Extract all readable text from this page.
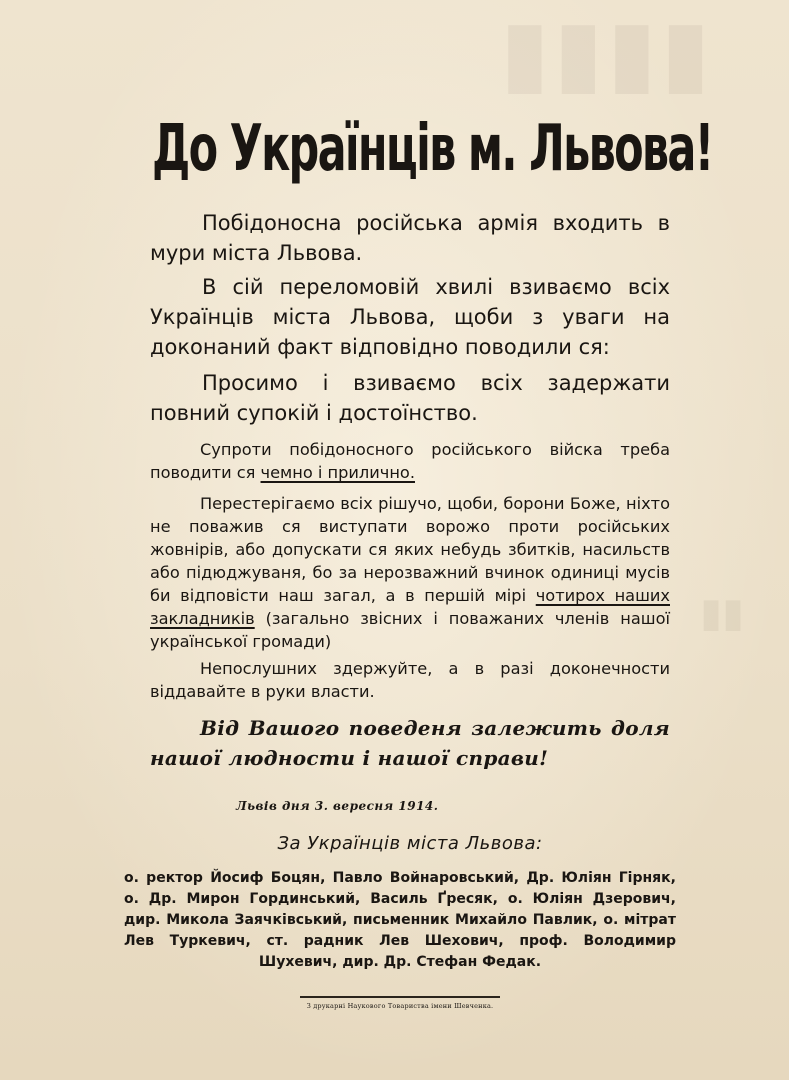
▮▮▮▮
▮▮
До Українців м. Львова!

Побідоносна російська армія входить в мури міста Львова.

В сій переломовій хвилі взиваємо всіх Українців міста Львова, щоби з уваги на доконаний факт відповідно поводили ся:

Просимо і взиваємо всіх задержати повний супокій і достоїнство.

Супроти побідоносного російського війска треба поводити ся чемно і прилично.

Перестерігаємо всіх рішучо, щоби, борони Боже, ніхто не поважив ся виступати ворожо проти російських жовнірів, або допускати ся яких небудь збитків, насильств або підюджуваня, бо за нерозважний вчинок одиниці мусів би відповісти наш загал, а в першій мірі чотирох наших закладників (загально звісних і поважаних членів нашої української громади)

Непослушних здержуйте, а в разі доконечности віддавайте в руки власти.

Від Вашого поведеня залежить доля нашої людности і нашої справи!

Львів дня 3. вересня 1914.
За Українців міста Львова:

о. ректор Йосиф Боцян, Павло Войнаровський, Др. Юліян Гірняк, о. Др. Мирон Гординський, Василь Ґресяк, о. Юліян Дзерович, дир. Микола Заячківський, письменник Михайло Павлик, о. мітрат Лев Туркевич, ст. радник Лев Шехович, проф. Володимир Шухевич, дир. Др. Стефан Федак.

З друкарні Наукового Товариства імени Шевченка.
